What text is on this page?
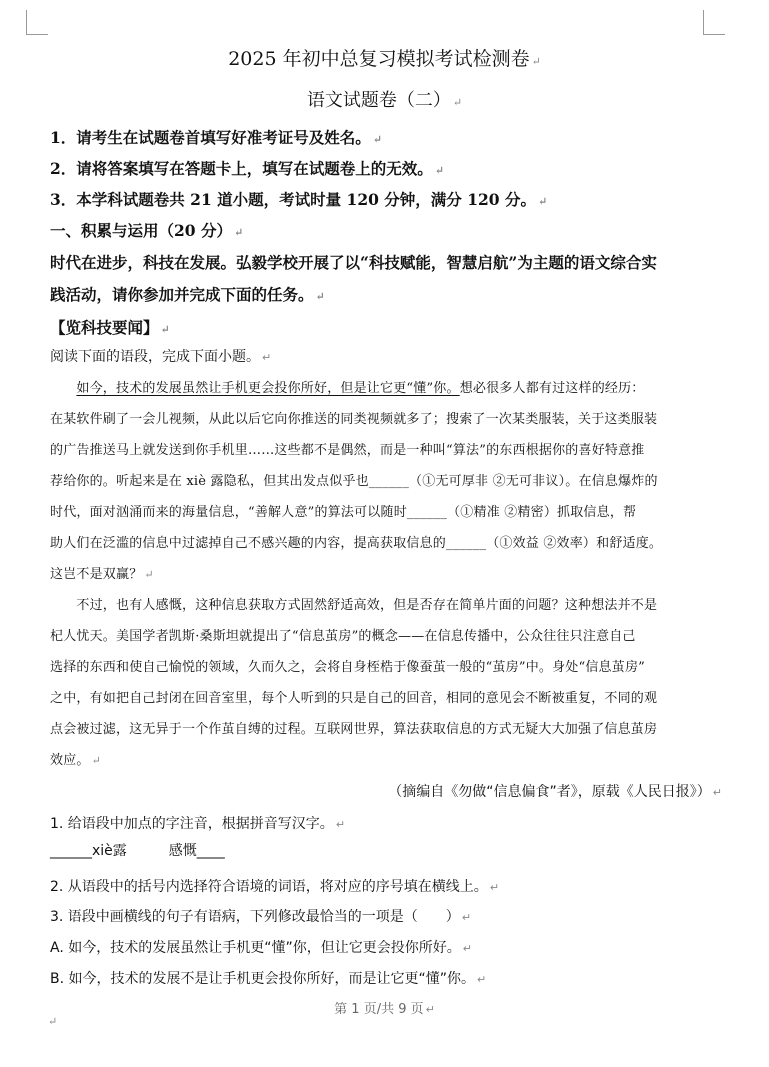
2025 年初中总复习模拟考试检测卷 ↵
语文试题卷（二） ↵
1．请考生在试题卷首填写好准考证号及姓名。 ↵
2．请将答案填写在答题卡上，填写在试题卷上的无效。 ↵
3．本学科试题卷共 21 道小题，考试时量 120 分钟，满分 120 分。 ↵
一、积累与运用（20 分） ↵
时代在进步，科技在发展。弘毅学校开展了以“科技赋能，智慧启航”为主题的语文综合实
践活动，请你参加并完成下面的任务。 ↵
【览科技要闻】 ↵
阅读下面的语段，完成下面小题。 ↵
　　如今，技术的发展虽然让手机更会投你所好，但是让它更“懂”你。想必很多人都有过这样的经历：
在某软件刷了一会儿视频，从此以后它向你推送的同类视频就多了；搜索了一次某类服装，关于这类服装
的广告推送马上就发送到你手机里……这些都不是偶然，而是一种叫“算法”的东西根据你的喜好特意推
荐给你的。听起来是在 xiè 露隐私，但其出发点似乎也______（①无可厚非 ②无可非议）。在信息爆炸的
时代，面对汹涌而来的海量信息，“善解人意”的算法可以随时______（①精准 ②精密）抓取信息，帮
助人们在泛滥的信息中过滤掉自己不感兴趣的内容，提高获取信息的______（①效益 ②效率）和舒适度。
这岂不是双赢？ ↵
　　不过，也有人感慨，这种信息获取方式固然舒适高效，但是否存在简单片面的问题？这种想法并不是
杞人忧天。美国学者凯斯·桑斯坦就提出了“信息茧房”的概念——在信息传播中，公众往往只注意自己
选择的东西和使自己愉悦的领域，久而久之，会将自身桎梏于像蚕茧一般的“茧房”中。身处“信息茧房”
之中，有如把自己封闭在回音室里，每个人听到的只是自己的回音，相同的意见会不断被重复，不同的观
点会被过滤，这无异于一个作茧自缚的过程。互联网世界，算法获取信息的方式无疑大大加强了信息茧房
效应。 ↵
（摘编自《勿做“信息偏食”者》，原载《人民日报》） ↵
1. 给语段中加点的字注音，根据拼音写汉字。 ↵
______xiè露　　　感慨____
2. 从语段中的括号内选择符合语境的词语，将对应的序号填在横线上。 ↵
3. 语段中画横线的句子有语病，下列修改最恰当的一项是（　　） ↵
A. 如今，技术的发展虽然让手机更“懂”你，但让它更会投你所好。 ↵
B. 如今，技术的发展不是让手机更会投你所好，而是让它更“懂”你。 ↵
第 1 页/共 9 页 ↵
↵
